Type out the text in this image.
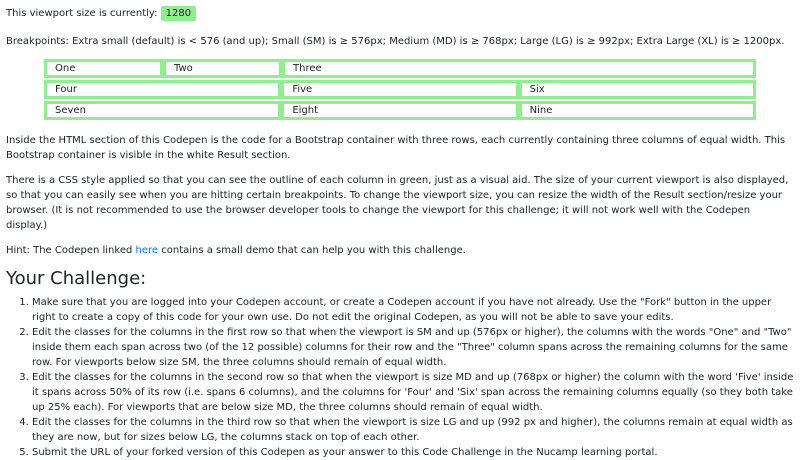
This viewport size is currently: 1280

Breakpoints: Extra small (default) is < 576 (and up); Small (SM) is ≥ 576px; Medium (MD) is ≥ 768px; Large (LG) is ≥ 992px; Extra Large (XL) is ≥ 1200px.

One	Two	Three
Four	Five	Six
Seven	Eight	Nine

Inside the HTML section of this Codepen is the code for a Bootstrap container with three rows, each currently containing three columns of equal width. This Bootstrap container is visible in the white Result section.

There is a CSS style applied so that you can see the outline of each column in green, just as a visual aid. The size of your current viewport is also displayed, so that you can easily see when you are hitting certain breakpoints. To change the viewport size, you can resize the width of the Result section/resize your browser. (It is not recommended to use the browser developer tools to change the viewport for this challenge; it will not work well with the Codepen display.)

Hint: The Codepen linked here contains a small demo that can help you with this challenge.

Your Challenge:
1. Make sure that you are logged into your Codepen account, or create a Codepen account if you have not already. Use the "Fork" button in the upper right to create a copy of this code for your own use. Do not edit the original Codepen, as you will not be able to save your edits.
2. Edit the classes for the columns in the first row so that when the viewport is SM and up (576px or higher), the columns with the words "One" and "Two" inside them each span across two (of the 12 possible) columns for their row and the "Three" column spans across the remaining columns for the same row. For viewports below size SM, the three columns should remain of equal width.
3. Edit the classes for the columns in the second row so that when the viewport is size MD and up (768px or higher) the column with the word 'Five' inside it spans across 50% of its row (i.e. spans 6 columns), and the columns for 'Four' and 'Six' span across the remaining columns equally (so they both take up 25% each). For viewports that are below size MD, the three columns should remain of equal width.
4. Edit the classes for the columns in the third row so that when the viewport is size LG and up (992 px and higher), the columns remain at equal width as they are now, but for sizes below LG, the columns stack on top of each other.
5. Submit the URL of your forked version of this Codepen as your answer to this Code Challenge in the Nucamp learning portal.
